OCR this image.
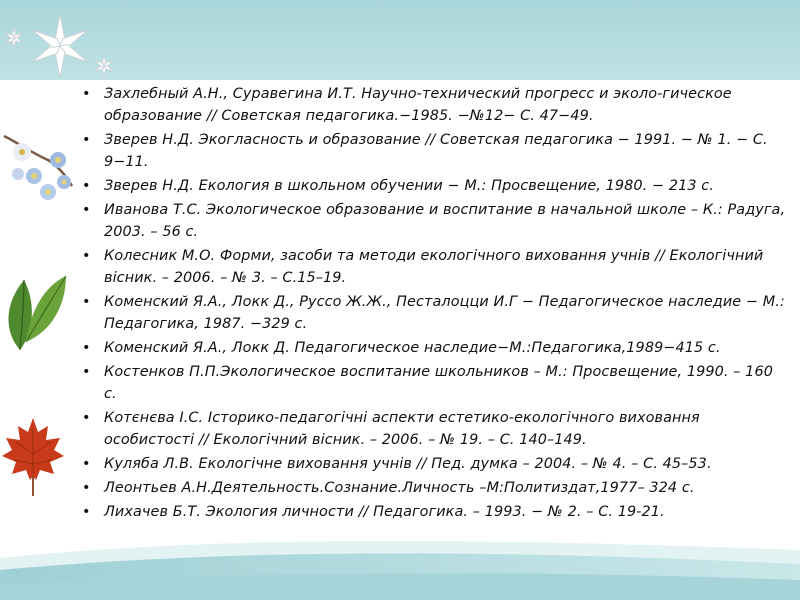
• Захлебный А.Н., Суравегина И.Т. Научно-технический прогресс и эколо-гическое образование // Советская педагогика.−1985. −№12− С. 47−49.
• Зверев Н.Д. Экогласность и образование // Советская педагогика − 1991. − № 1. − С. 9−11.
• Зверев Н.Д. Екология в школьном обучении − М.: Просвещение, 1980. − 213 с.
• Иванова Т.С. Экологическое образование и воспитание в начальной школе – К.: Радуга, 2003. – 56 с.
• Колесник М.О. Форми, засоби та методи екологічного виховання учнів // Екологічний вісник. – 2006. – № 3. – С.15–19.
• Коменский Я.А., Локк Д., Руссо Ж.Ж., Песталоцци И.Г − Педагогическое наследие − М.: Педагогика, 1987. −329 с.
• Коменский Я.А., Локк Д. Педагогическое наследие−М.:Педагогика,1989−415 с.
• Костенков П.П.Экологическое воспитание школьников – М.: Просвещение, 1990. – 160 с.
• Котєнєва І.С. Історико-педагогічні аспекти естетико-екологічного виховання особистості // Екологічний вісник. – 2006. – № 19. – С. 140–149.
• Куляба Л.В. Екологічне виховання учнів // Пед. думка – 2004. – № 4. – С. 45–53.
• Леонтьев А.Н.Деятельность.Сознание.Личность –М:Политиздат,1977– 324 с.
• Лихачев Б.Т. Экология личности // Педагогика. – 1993. − № 2. – С. 19-21.
